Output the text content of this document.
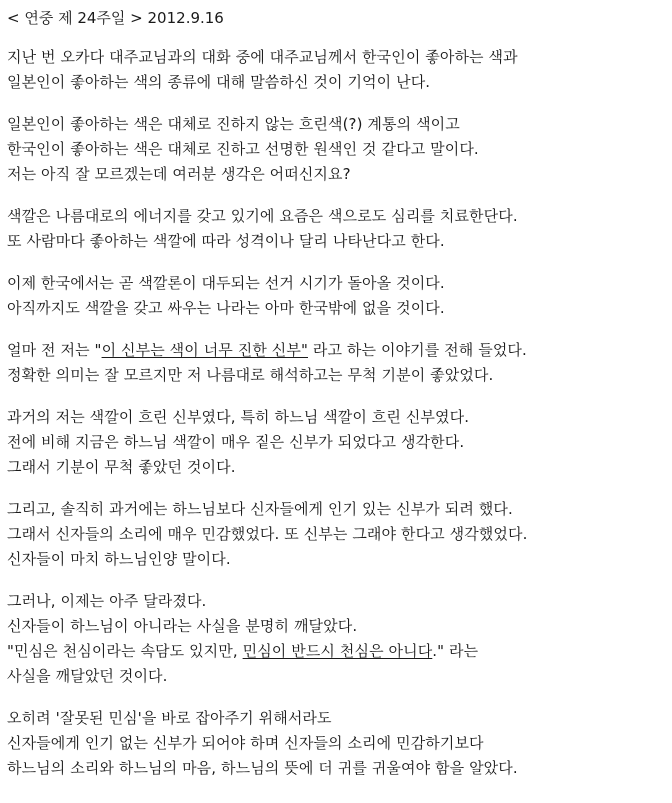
< 연중 제 24주일 > 2012.9.16
지난 번 오카다 대주교님과의 대화 중에 대주교님께서 한국인이 좋아하는 색과
일본인이 좋아하는 색의 종류에 대해 말씀하신 것이 기억이 난다.
일본인이 좋아하는 색은 대체로 진하지 않는 흐린색(?) 계통의 색이고
한국인이 좋아하는 색은 대체로 진하고 선명한 원색인 것 같다고 말이다.
저는 아직 잘 모르겠는데 여러분 생각은 어떠신지요?
색깔은 나름대로의 에너지를 갖고 있기에 요즘은 색으로도 심리를 치료한단다.
또 사람마다 좋아하는 색깔에 따라 성격이나 달리 나타난다고 한다.
이제 한국에서는 곧 색깔론이 대두되는 선거 시기가 돌아올 것이다.
아직까지도 색깔을 갖고 싸우는 나라는 아마 한국밖에 없을 것이다.
얼마 전 저는 "이 신부는 색이 너무 진한 신부" 라고 하는 이야기를 전해 들었다.
정확한 의미는 잘 모르지만 저 나름대로 해석하고는 무척 기분이 좋았었다.
과거의 저는 색깔이 흐린 신부였다, 특히 하느님 색깔이 흐린 신부였다.
전에 비해 지금은 하느님 색깔이 매우 짙은 신부가 되었다고 생각한다.
그래서 기분이 무척 좋았던 것이다.
그리고, 솔직히 과거에는 하느님보다 신자들에게 인기 있는 신부가 되려 했다.
그래서 신자들의 소리에 매우 민감했었다. 또 신부는 그래야 한다고 생각했었다.
신자들이 마치 하느님인양 말이다.
그러나, 이제는 아주 달라졌다.
신자들이 하느님이 아니라는 사실을 분명히 깨달았다.
"민심은 천심이라는 속담도 있지만, 민심이 반드시 천심은 아니다." 라는
사실을 깨달았던 것이다.
오히려 '잘못된 민심'을 바로 잡아주기 위해서라도
신자들에게 인기 없는 신부가 되어야 하며 신자들의 소리에 민감하기보다
하느님의 소리와 하느님의 마음, 하느님의 뜻에 더 귀를 귀울여야 함을 알았다.
